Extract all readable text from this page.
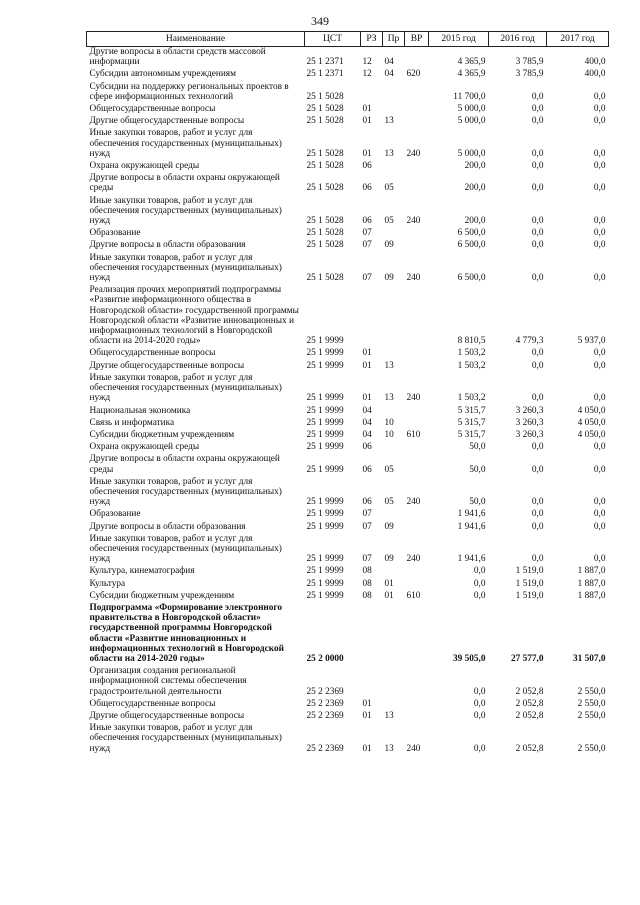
349
Наименование	ЦСТ	РЗ	Пр	ВР	2015 год	2016 год	2017 год
Другие вопросы в области средств массовой информации	25 1 2371	12	04		4 365,9	3 785,9	400,0
Субсидии автономным учреждениям	25 1 2371	12	04	620	4 365,9	3 785,9	400,0
Субсидии на поддержку региональных проектов в сфере информационных технологий	25 1 5028				11 700,0	0,0	0,0
Общегосударственные вопросы	25 1 5028	01			5 000,0	0,0	0,0
Другие общегосударственные вопросы	25 1 5028	01	13		5 000,0	0,0	0,0
Иные закупки товаров, работ и услуг для обеспечения государственных (муниципальных) нужд	25 1 5028	01	13	240	5 000,0	0,0	0,0
Охрана окружающей среды	25 1 5028	06			200,0	0,0	0,0
Другие вопросы в области охраны окружающей среды	25 1 5028	06	05		200,0	0,0	0,0
Иные закупки товаров, работ и услуг для обеспечения государственных (муниципальных) нужд	25 1 5028	06	05	240	200,0	0,0	0,0
Образование	25 1 5028	07			6 500,0	0,0	0,0
Другие вопросы в области образования	25 1 5028	07	09		6 500,0	0,0	0,0
Иные закупки товаров, работ и услуг для обеспечения государственных (муниципальных) нужд	25 1 5028	07	09	240	6 500,0	0,0	0,0
Реализация прочих мероприятий подпрограммы «Развитие информационного общества в Новгородской области» государственной программы Новгородской области «Развитие инновационных и информационных технологий в Новгородской области на 2014-2020 годы»	25 1 9999				8 810,5	4 779,3	5 937,0
Общегосударственные вопросы	25 1 9999	01			1 503,2	0,0	0,0
Другие общегосударственные вопросы	25 1 9999	01	13		1 503,2	0,0	0,0
Иные закупки товаров, работ и услуг для обеспечения государственных (муниципальных) нужд	25 1 9999	01	13	240	1 503,2	0,0	0,0
Национальная экономика	25 1 9999	04			5 315,7	3 260,3	4 050,0
Связь и информатика	25 1 9999	04	10		5 315,7	3 260,3	4 050,0
Субсидии бюджетным учреждениям	25 1 9999	04	10	610	5 315,7	3 260,3	4 050,0
Охрана окружающей среды	25 1 9999	06			50,0	0,0	0,0
Другие вопросы в области охраны окружающей среды	25 1 9999	06	05		50,0	0,0	0,0
Иные закупки товаров, работ и услуг для обеспечения государственных (муниципальных) нужд	25 1 9999	06	05	240	50,0	0,0	0,0
Образование	25 1 9999	07			1 941,6	0,0	0,0
Другие вопросы в области образования	25 1 9999	07	09		1 941,6	0,0	0,0
Иные закупки товаров, работ и услуг для обеспечения государственных (муниципальных) нужд	25 1 9999	07	09	240	1 941,6	0,0	0,0
Культура, кинематография	25 1 9999	08			0,0	1 519,0	1 887,0
Культура	25 1 9999	08	01		0,0	1 519,0	1 887,0
Субсидии бюджетным учреждениям	25 1 9999	08	01	610	0,0	1 519,0	1 887,0
Подпрограмма «Формирование электронного правительства в Новгородской области» государственной программы Новгородской области «Развитие инновационных и информационных технологий в Новгородской области на 2014-2020 годы»	25 2 0000				39 505,0	27 577,0	31 507,0
Организация создания региональной информационной системы обеспечения градостроительной деятельности	25 2 2369				0,0	2 052,8	2 550,0
Общегосударственные вопросы	25 2 2369	01			0,0	2 052,8	2 550,0
Другие общегосударственные вопросы	25 2 2369	01	13		0,0	2 052,8	2 550,0
Иные закупки товаров, работ и услуг для обеспечения государственных (муниципальных) нужд	25 2 2369	01	13	240	0,0	2 052,8	2 550,0
